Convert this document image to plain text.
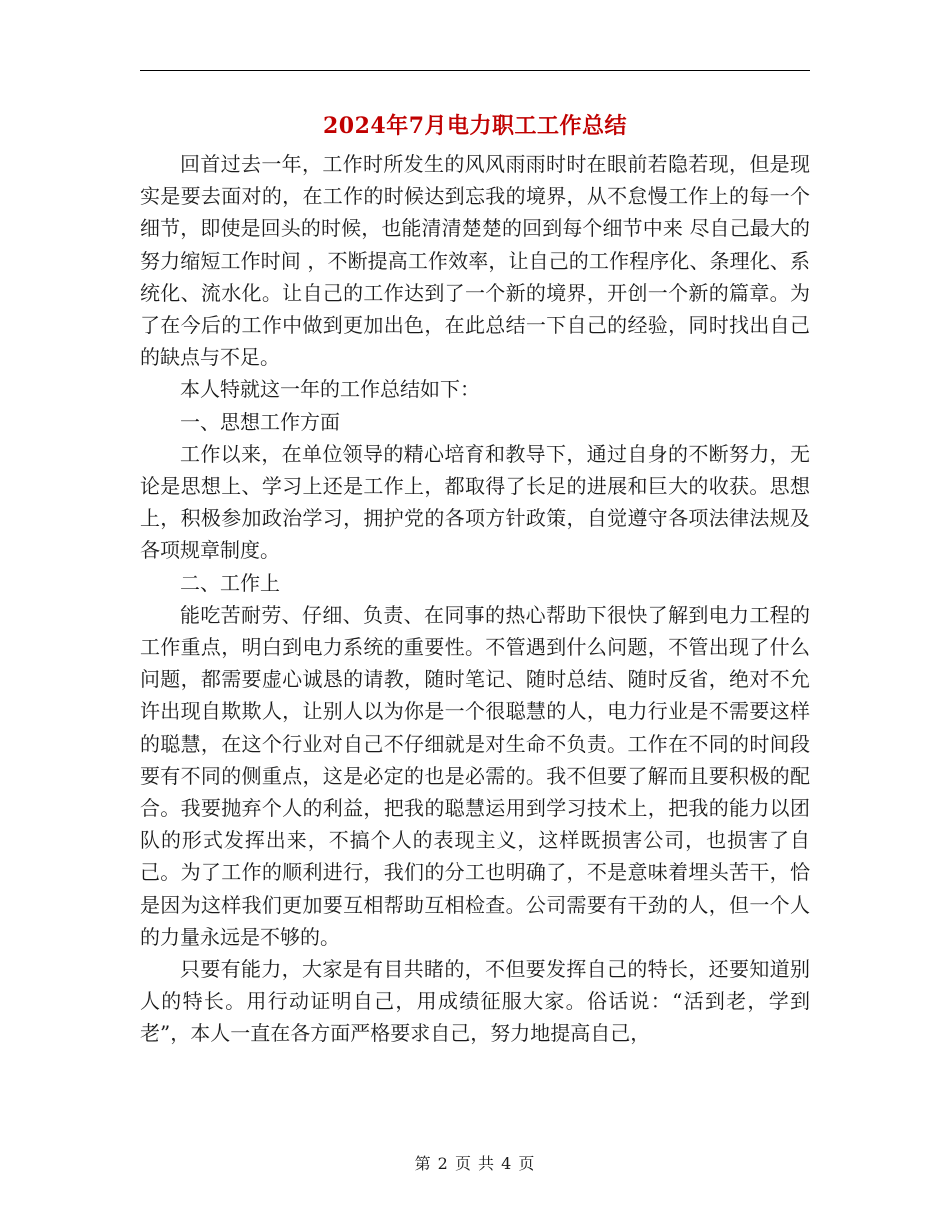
2024年7月电力职工工作总结

回首过去一年，工作时所发生的风风雨雨时时在眼前若隐若现，但是现实是要去面对的，在工作的时候达到忘我的境界，从不怠慢工作上的每一个细节，即使是回头的时候，也能清清楚楚的回到每个细节中来 尽自己最大的努力缩短工作时间 ，不断提高工作效率，让自己的工作程序化、条理化、系统化、流水化。让自己的工作达到了一个新的境界，开创一个新的篇章。为了在今后的工作中做到更加出色，在此总结一下自己的经验，同时找出自己的缺点与不足。

本人特就这一年的工作总结如下：

一、思想工作方面

工作以来，在单位领导的精心培育和教导下，通过自身的不断努力，无论是思想上、学习上还是工作上，都取得了长足的进展和巨大的收获。思想上，积极参加政治学习，拥护党的各项方针政策，自觉遵守各项法律法规及各项规章制度。

二、工作上

能吃苦耐劳、仔细、负责、在同事的热心帮助下很快了解到电力工程的工作重点，明白到电力系统的重要性。不管遇到什么问题，不管出现了什么问题，都需要虚心诚恳的请教，随时笔记、随时总结、随时反省，绝对不允许出现自欺欺人，让别人以为你是一个很聪慧的人，电力行业是不需要这样的聪慧，在这个行业对自己不仔细就是对生命不负责。工作在不同的时间段要有不同的侧重点，这是必定的也是必需的。我不但要了解而且要积极的配合。我要抛弃个人的利益，把我的聪慧运用到学习技术上，把我的能力以团队的形式发挥出来，不搞个人的表现主义，这样既损害公司，也损害了自己。为了工作的顺利进行，我们的分工也明确了，不是意味着埋头苦干，恰是因为这样我们更加要互相帮助互相检查。公司需要有干劲的人，但一个人的力量永远是不够的。

只要有能力，大家是有目共睹的，不但要发挥自己的特长，还要知道别人的特长。用行动证明自己，用成绩征服大家。俗话说：“活到老，学到老”，本人一直在各方面严格要求自己，努力地提高自己，

第 2 页 共 4 页
